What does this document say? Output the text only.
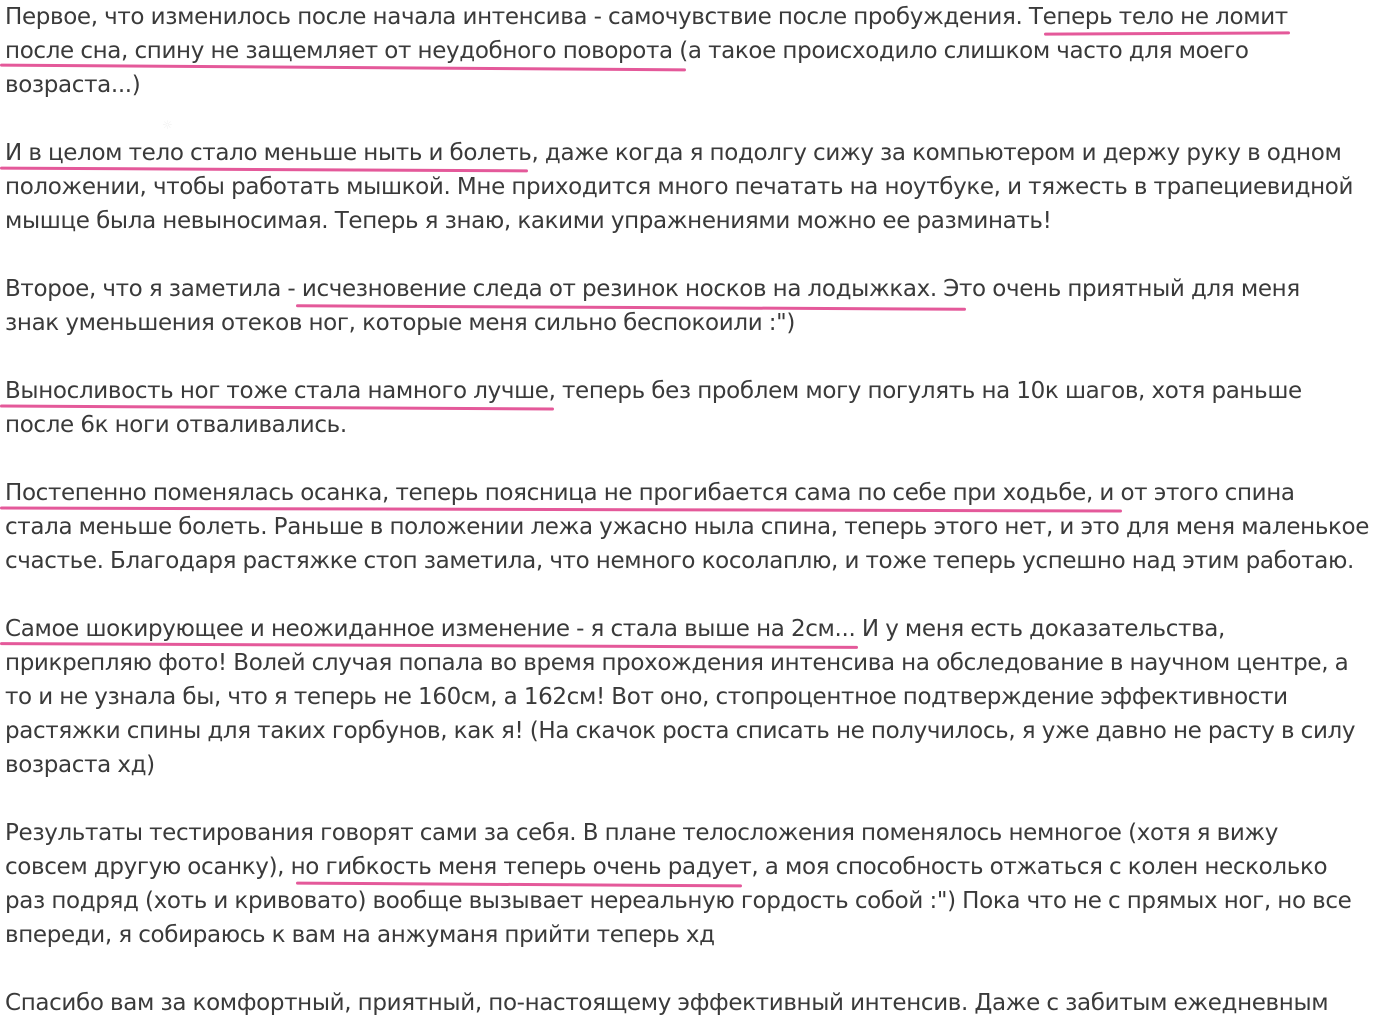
Первое, что изменилось после начала интенсива - самочувствие после пробуждения. Теперь тело не ломит
после сна, спину не защемляет от неудобного поворота (а такое происходило слишком часто для моего
возраста...)
И в целом тело стало меньше ныть и болеть, даже когда я подолгу сижу за компьютером и держу руку в одном
положении, чтобы работать мышкой. Мне приходится много печатать на ноутбуке, и тяжесть в трапециевидной
мышце была невыносимая. Теперь я знаю, какими упражнениями можно ее разминать!
Второе, что я заметила - исчезновение следа от резинок носков на лодыжках. Это очень приятный для меня
знак уменьшения отеков ног, которые меня сильно беспокоили :")
Выносливость ног тоже стала намного лучше, теперь без проблем могу погулять на 10к шагов, хотя раньше
после 6к ноги отваливались.
Постепенно поменялась осанка, теперь поясница не прогибается сама по себе при ходьбе, и от этого спина
стала меньше болеть. Раньше в положении лежа ужасно ныла спина, теперь этого нет, и это для меня маленькое
счастье. Благодаря растяжке стоп заметила, что немного косолаплю, и тоже теперь успешно над этим работаю.
Самое шокирующее и неожиданное изменение - я стала выше на 2см... И у меня есть доказательства,
прикрепляю фото! Волей случая попала во время прохождения интенсива на обследование в научном центре, а
то и не узнала бы, что я теперь не 160см, а 162см! Вот оно, стопроцентное подтверждение эффективности
растяжки спины для таких горбунов, как я! (На скачок роста списать не получилось, я уже давно не расту в силу
возраста хд)
Результаты тестирования говорят сами за себя. В плане телосложения поменялось немногое (хотя я вижу
совсем другую осанку), но гибкость меня теперь очень радует, а моя способность отжаться с колен несколько
раз подряд (хоть и кривовато) вообще вызывает нереальную гордость собой :") Пока что не с прямых ног, но все
впереди, я собираюсь к вам на анжуманя прийти теперь хд
Спасибо вам за комфортный, приятный, по-настоящему эффективный интенсив. Даже с забитым ежедневным
☼
